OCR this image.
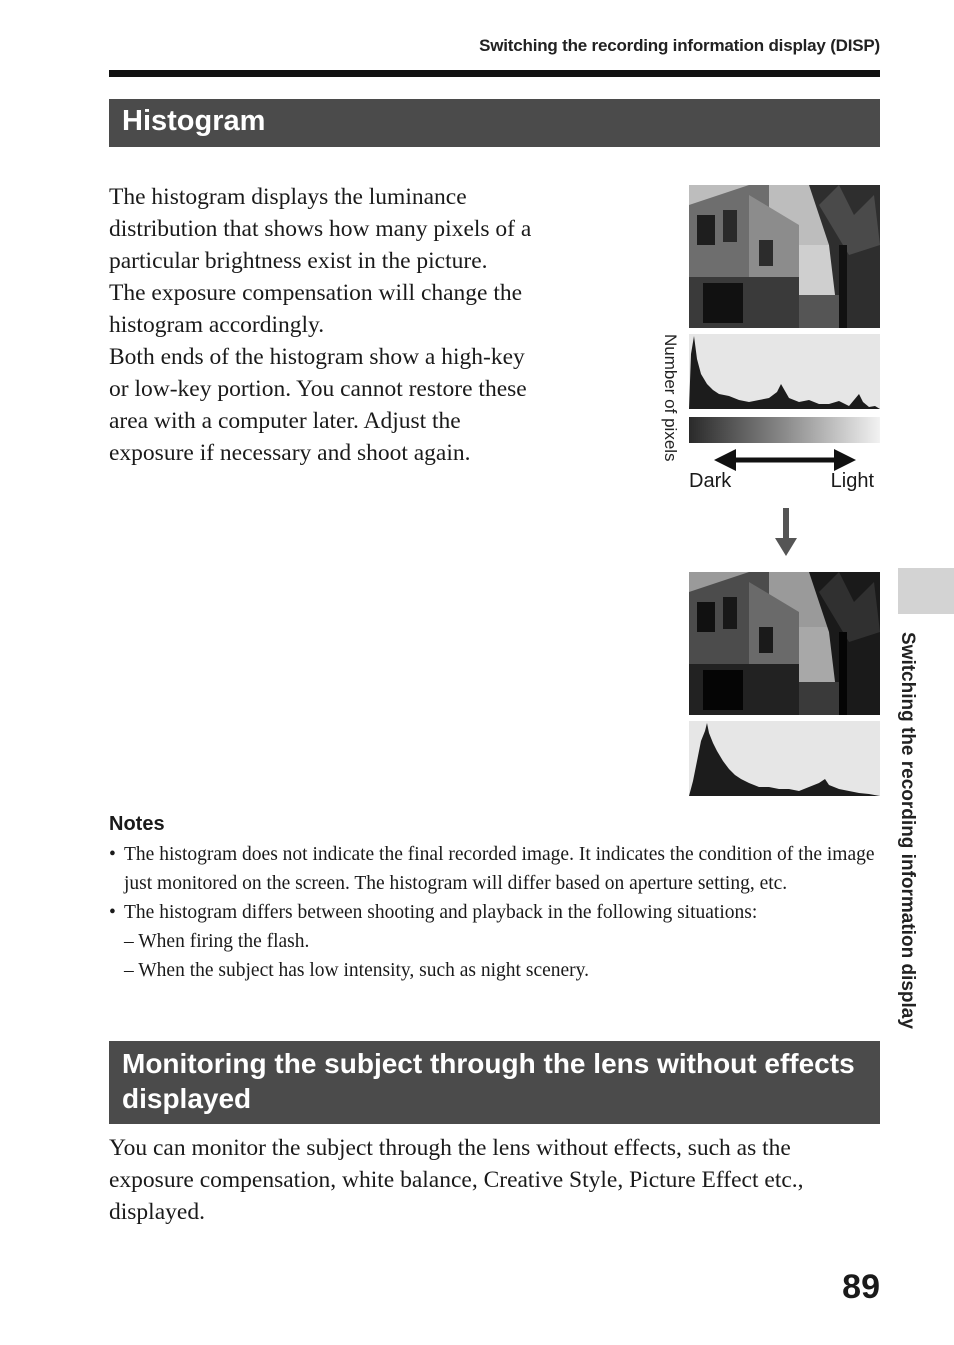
Switching the recording information display (DISP)
Histogram

The histogram displays the luminance distribution that shows how many pixels of a particular brightness exist in the picture.

The exposure compensation will change the histogram accordingly.

Both ends of the histogram show a high-key or low-key portion. You cannot restore these area with a computer later. Adjust the exposure if necessary and shoot again.	Number of pixels
Dark	Light
Notes
• The histogram does not indicate the final recorded image. It indicates the condition of the image just monitored on the screen. The histogram will differ based on aperture setting, etc.
• The histogram differs between shooting and playback in the following situations:
– When firing the flash.
– When the subject has low intensity, such as night scenery.
Monitoring the subject through the lens without effects displayed
You can monitor the subject through the lens without effects, such as the exposure compensation, white balance, Creative Style, Picture Effect etc., displayed.
Switching the recording information display
89
